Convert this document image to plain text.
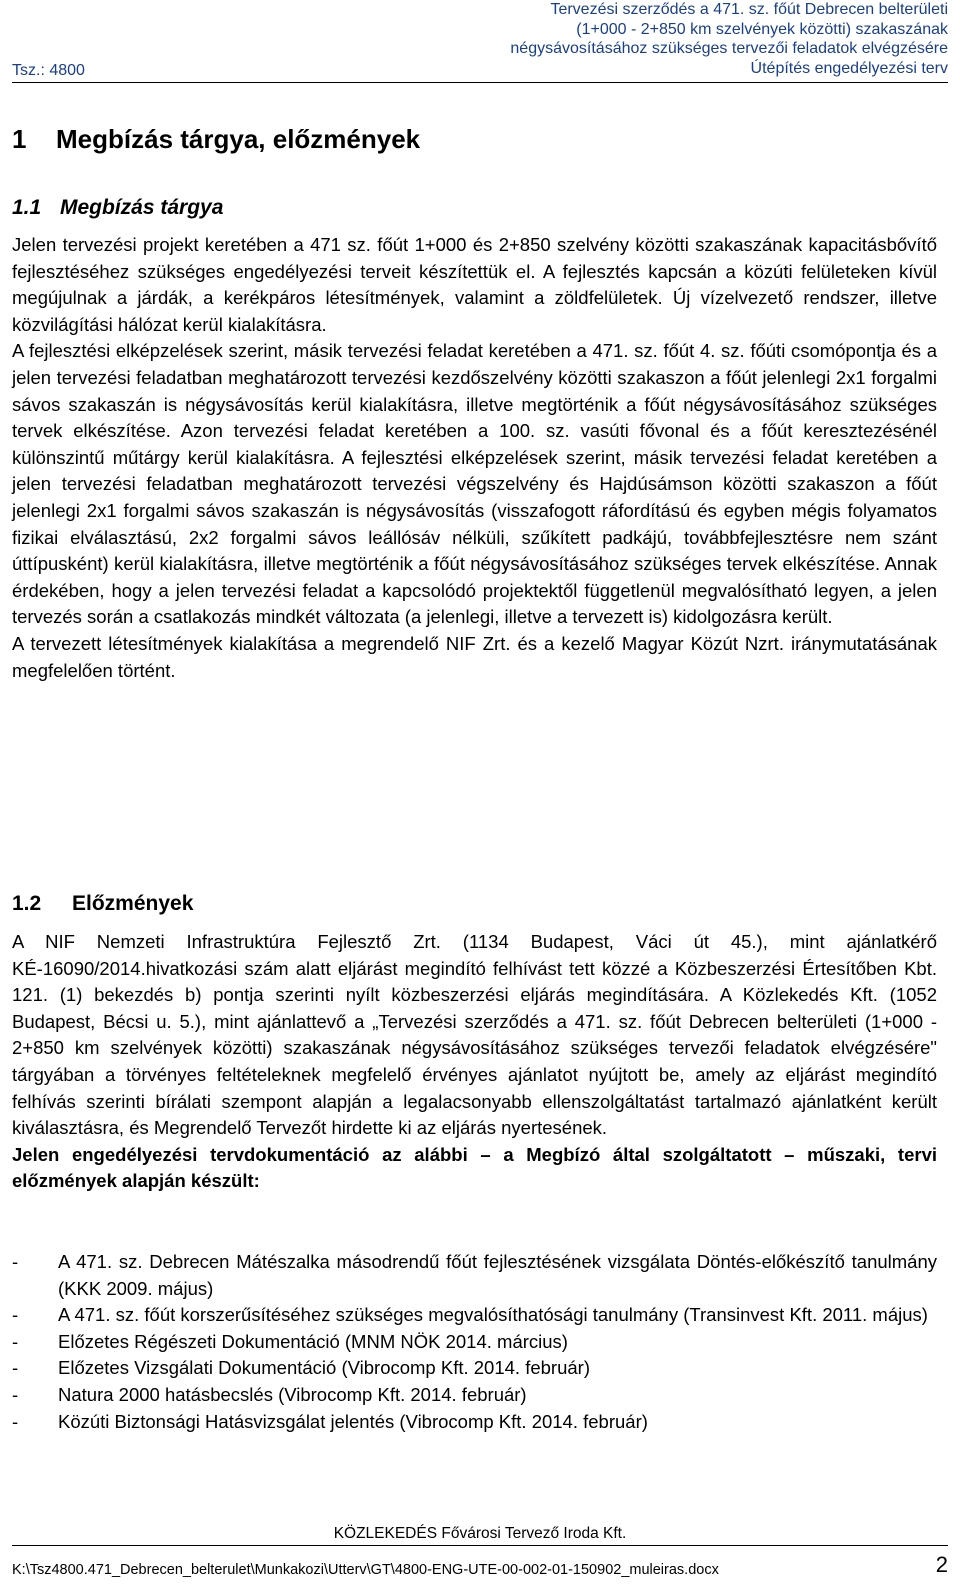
Tsz.: 4800
Tervezési szerződés a 471. sz. főút Debrecen belterületi
(1+000 - 2+850 km szelvények közötti) szakaszának
négysávosításához szükséges tervezői feladatok elvégzésére
Útépítés engedélyezési terv
1 Megbízás tárgya, előzmények
1.1 Megbízás tárgya

Jelen tervezési projekt keretében a 471 sz. főút 1+000 és 2+850 szelvény közötti szakaszának kapacitásbővítő fejlesztéséhez szükséges engedélyezési terveit készítettük el. A fejlesztés kapcsán a közúti felületeken kívül megújulnak a járdák, a kerékpáros létesítmények, valamint a zöldfelületek. Új vízelvezető rendszer, illetve közvilágítási hálózat kerül kialakításra.

A fejlesztési elképzelések szerint, másik tervezési feladat keretében a 471. sz. főút 4. sz. főúti csomópontja és a jelen tervezési feladatban meghatározott tervezési kezdőszelvény közötti szakaszon a főút jelenlegi 2x1 forgalmi sávos szakaszán is négysávosítás kerül kialakításra, illetve megtörténik a főút négysávosításához szükséges tervek elkészítése. Azon tervezési feladat keretében a 100. sz. vasúti fővonal és a főút keresztezésénél különszintű műtárgy kerül kialakításra. A fejlesztési elképzelések szerint, másik tervezési feladat keretében a jelen tervezési feladatban meghatározott tervezési végszelvény és Hajdúsámson közötti szakaszon a főút jelenlegi 2x1 forgalmi sávos szakaszán is négysávosítás (visszafogott ráfordítású és egyben mégis folyamatos fizikai elválasztású, 2x2 forgalmi sávos leállósáv nélküli, szűkített padkájú, továbbfejlesztésre nem szánt úttípusként) kerül kialakításra, illetve megtörténik a főút négysávosításához szükséges tervek elkészítése. Annak érdekében, hogy a jelen tervezési feladat a kapcsolódó projektektől függetlenül megvalósítható legyen, a jelen tervezés során a csatlakozás mindkét változata (a jelenlegi, illetve a tervezett is) kidolgozásra került.

A tervezett létesítmények kialakítása a megrendelő NIF Zrt. és a kezelő Magyar Közút Nzrt. iránymutatásának megfelelően történt.

1.2 Előzmények

A NIF Nemzeti Infrastruktúra Fejlesztő Zrt. (1134 Budapest, Váci út 45.), mint ajánlatkérő KÉ-16090/2014.hivatkozási szám alatt eljárást megindító felhívást tett közzé a Közbeszerzési Értesítőben Kbt. 121. (1) bekezdés b) pontja szerinti nyílt közbeszerzési eljárás megindítására. A Közlekedés Kft. (1052 Budapest, Bécsi u. 5.), mint ajánlattevő a „Tervezési szerződés a 471. sz. főút Debrecen belterületi (1+000 - 2+850 km szelvények közötti) szakaszának négysávosításához szükséges tervezői feladatok elvégzésére" tárgyában a törvényes feltételeknek megfelelő érvényes ajánlatot nyújtott be, amely az eljárást megindító felhívás szerinti bírálati szempont alapján a legalacsonyabb ellenszolgáltatást tartalmazó ajánlatként került kiválasztásra, és Megrendelő Tervezőt hirdette ki az eljárás nyertesének.

Jelen engedélyezési tervdokumentáció az alábbi – a Megbízó által szolgáltatott – műszaki, tervi előzmények alapján készült:

-	A 471. sz. Debrecen Mátészalka másodrendű főút fejlesztésének vizsgálata Döntés-előkészítő tanulmány (KKK 2009. május)
-	A 471. sz. főút korszerűsítéséhez szükséges megvalósíthatósági tanulmány (Transinvest Kft. 2011. május)
-	Előzetes Régészeti Dokumentáció (MNM NÖK 2014. március)
-	Előzetes Vizsgálati Dokumentáció (Vibrocomp Kft. 2014. február)
-	Natura 2000 hatásbecslés (Vibrocomp Kft. 2014. február)
-	Közúti Biztonsági Hatásvizsgálat jelentés (Vibrocomp Kft. 2014. február)
KÖZLEKEDÉS Fővárosi Tervező Iroda Kft.
K:\Tsz4800.471_Debrecen_belterulet\Munkakozi\Utterv\GT\4800-ENG-UTE-00-002-01-150902_muleiras.docx	2
